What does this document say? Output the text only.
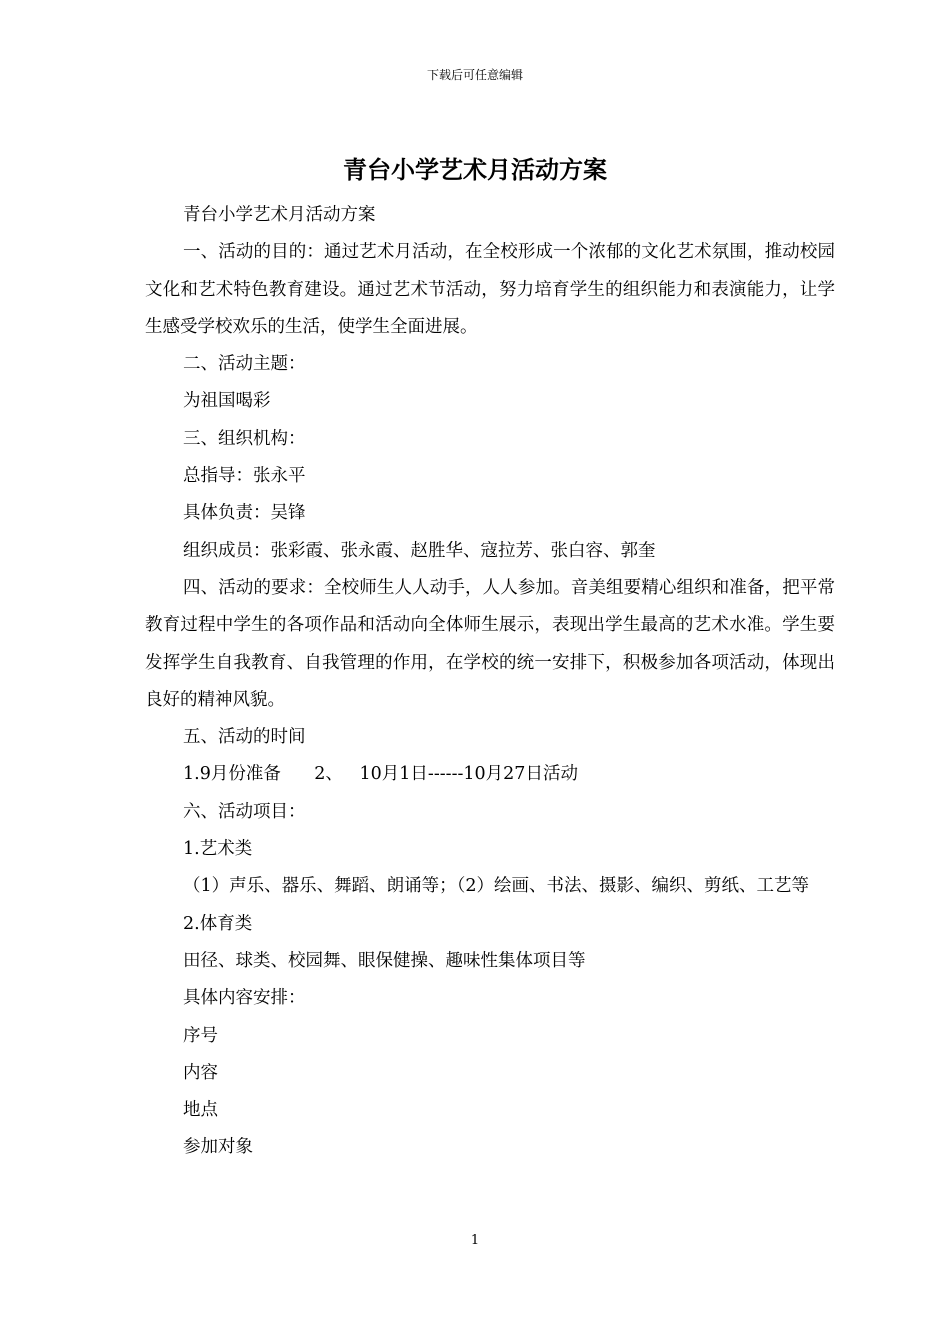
下载后可任意编辑
青台小学艺术月活动方案

青台小学艺术月活动方案

一、活动的目的：通过艺术月活动，在全校形成一个浓郁的文化艺术氛围，推动校园文化和艺术特色教育建设。通过艺术节活动，努力培育学生的组织能力和表演能力，让学生感受学校欢乐的生活，使学生全面进展。

二、活动主题：

为祖国喝彩

三、组织机构：

总指导：张永平

具体负责：吴锋

组织成员：张彩霞、张永霞、赵胜华、寇拉芳、张白容、郭奎

四、活动的要求：全校师生人人动手，人人参加。音美组要精心组织和准备，把平常教育过程中学生的各项作品和活动向全体师生展示，表现出学生最高的艺术水准。学生要发挥学生自我教育、自我管理的作用，在学校的统一安排下，积极参加各项活动，体现出良好的精神风貌。

五、活动的时间

1.9月份准备      2、   10月1日------10月27日活动

六、活动项目：

1.艺术类

（1）声乐、器乐、舞蹈、朗诵等；（2）绘画、书法、摄影、编织、剪纸、工艺等

2.体育类

田径、球类、校园舞、眼保健操、趣味性集体项目等

具体内容安排：

序号

内容

地点

参加对象

1
